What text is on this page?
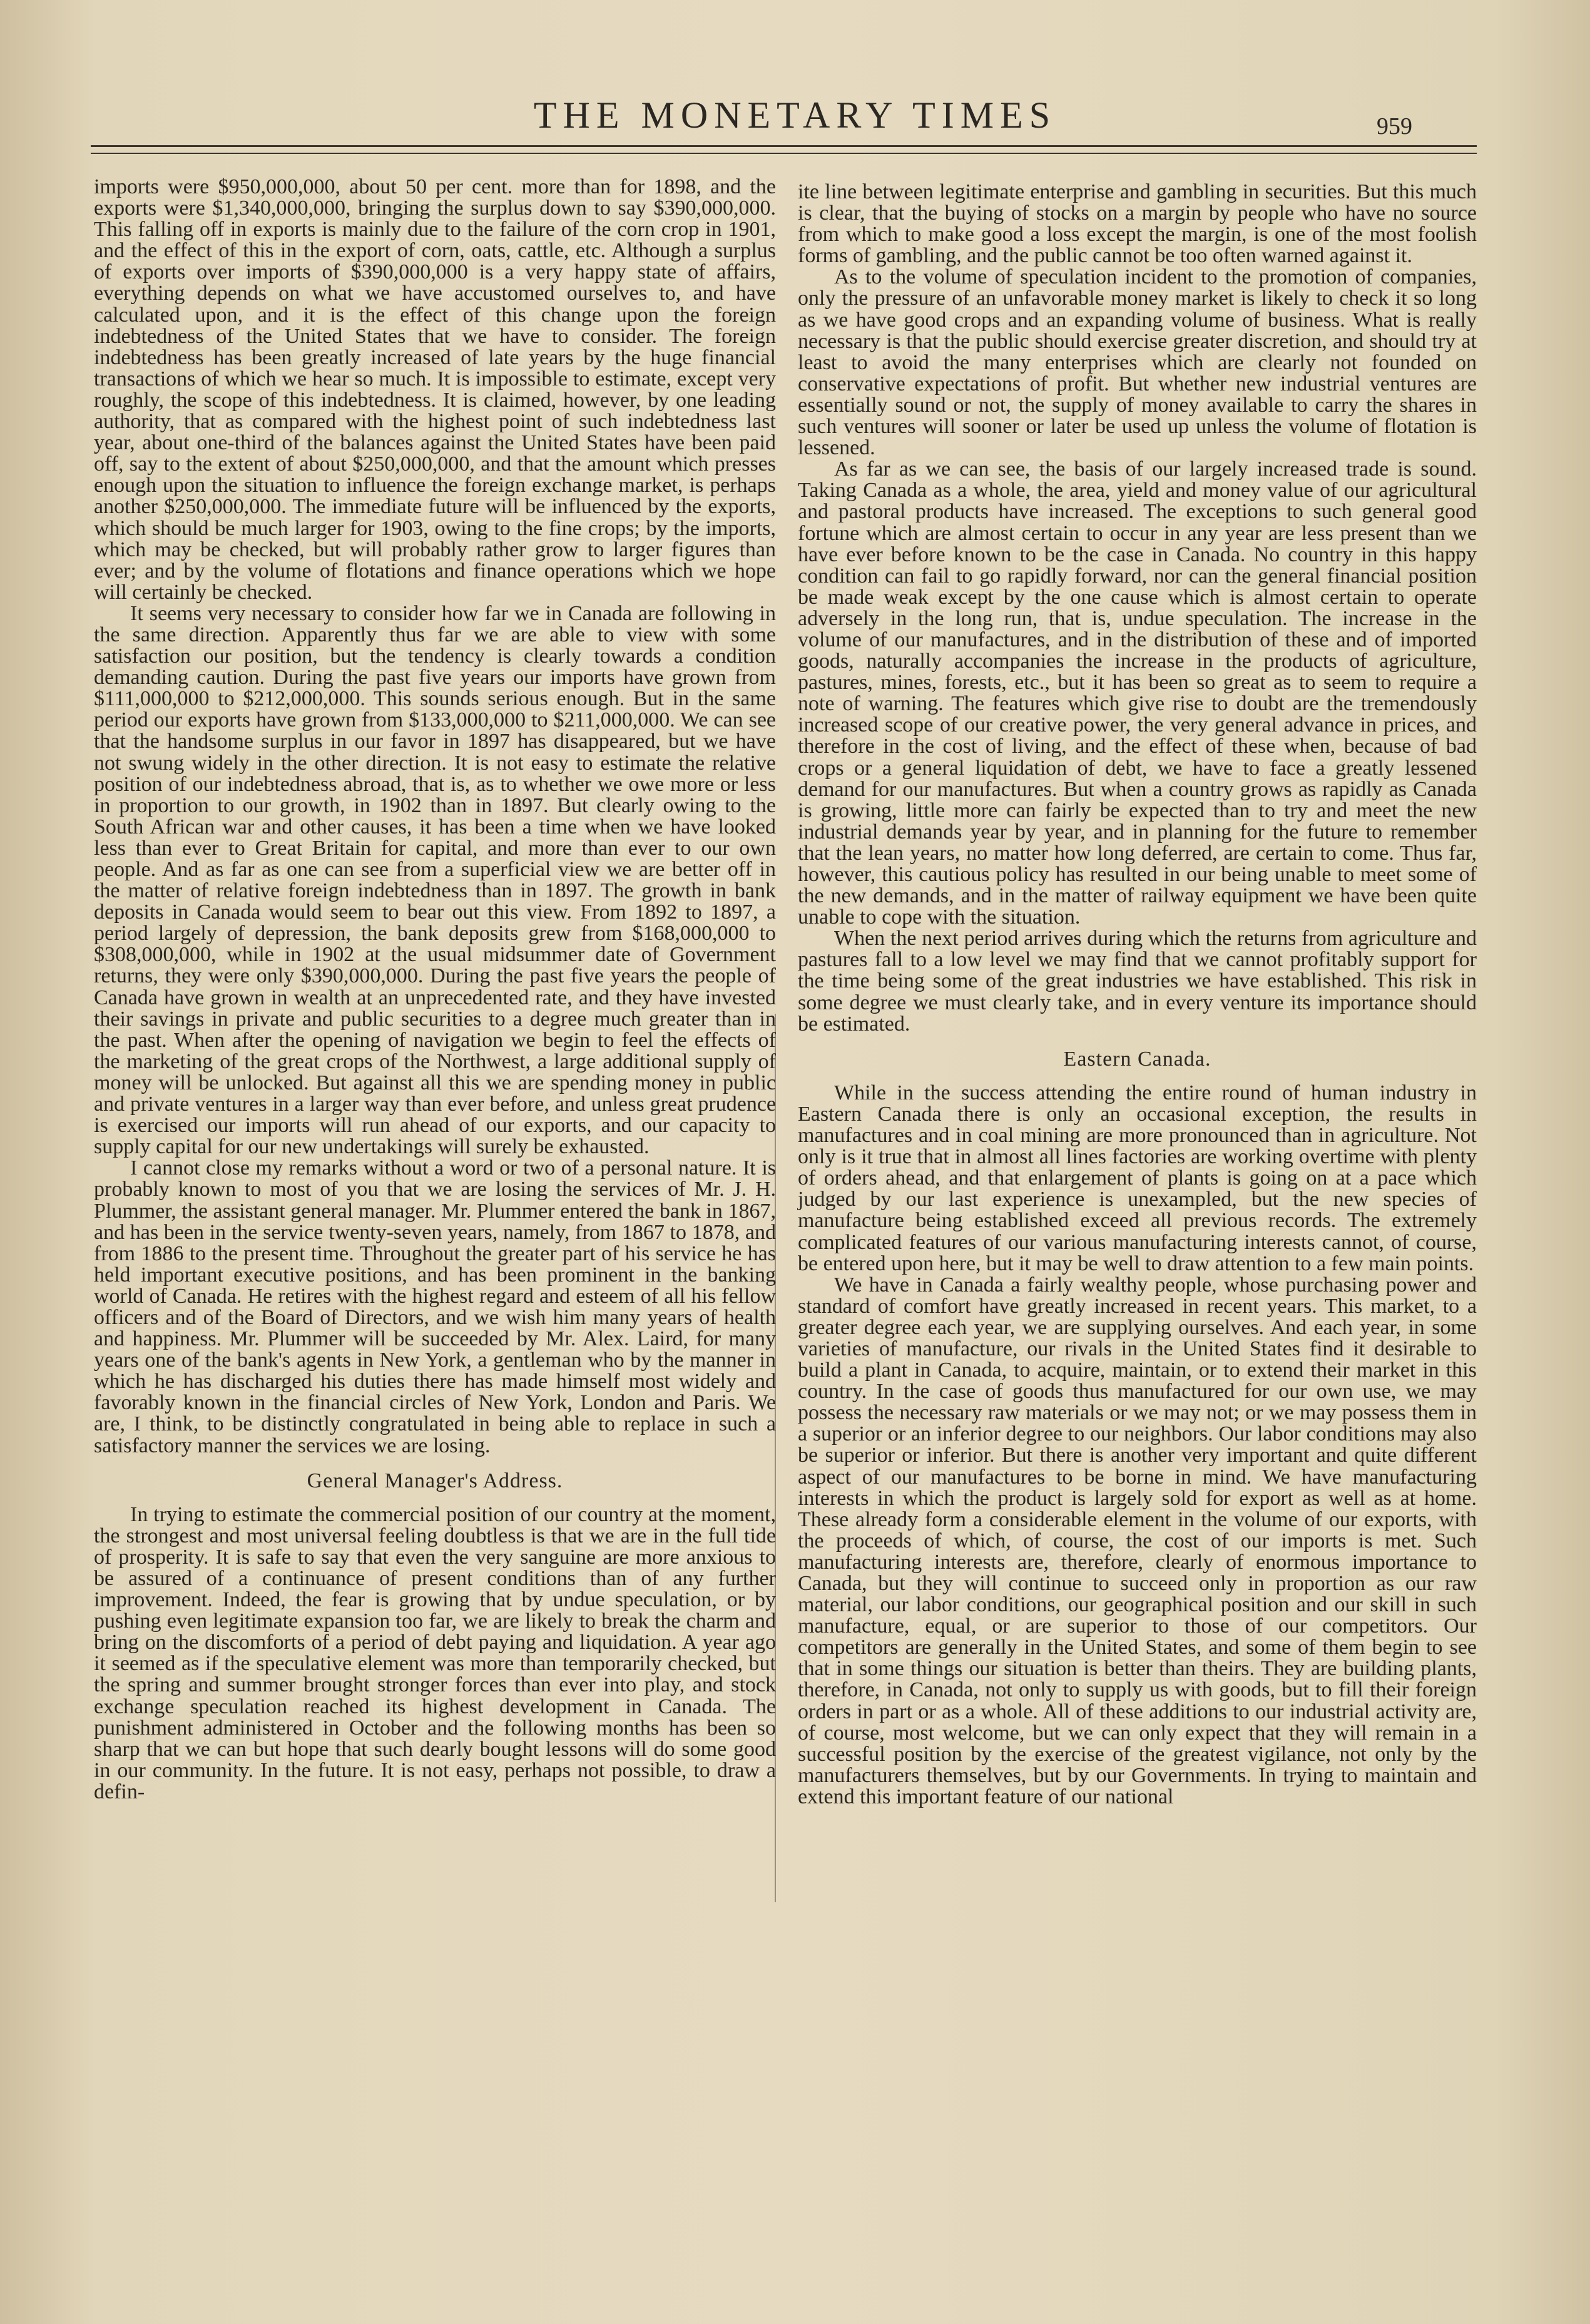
THE MONETARY TIMES	959

imports were $950,000,000, about 50 per cent. more than for 1898, and the exports were $1,340,000,000, bringing the surplus down to say $390,000,000. This falling off in exports is mainly due to the failure of the corn crop in 1901, and the effect of this in the export of corn, oats, cattle, etc. Although a surplus of exports over imports of $390,000,000 is a very happy state of affairs, everything depends on what we have accustomed ourselves to, and have calculated upon, and it is the effect of this change upon the foreign indebtedness of the United States that we have to consider. The foreign indebtedness has been greatly increased of late years by the huge financial transactions of which we hear so much. It is impossible to estimate, except very roughly, the scope of this indebtedness. It is claimed, however, by one leading authority, that as compared with the highest point of such indebtedness last year, about one-third of the balances against the United States have been paid off, say to the extent of about $250,000,000, and that the amount which presses enough upon the situation to influence the foreign exchange market, is perhaps another $250,000,000. The immediate future will be influenced by the exports, which should be much larger for 1903, owing to the fine crops; by the imports, which may be checked, but will probably rather grow to larger figures than ever; and by the volume of flotations and finance operations which we hope will certainly be checked.

It seems very necessary to consider how far we in Canada are following in the same direction. Apparently thus far we are able to view with some satisfaction our position, but the tendency is clearly towards a condition demanding caution. During the past five years our imports have grown from $111,000,000 to $212,000,000. This sounds serious enough. But in the same period our exports have grown from $133,000,000 to $211,000,000. We can see that the handsome surplus in our favor in 1897 has disappeared, but we have not swung widely in the other direction. It is not easy to estimate the relative position of our indebtedness abroad, that is, as to whether we owe more or less in proportion to our growth, in 1902 than in 1897. But clearly owing to the South African war and other causes, it has been a time when we have looked less than ever to Great Britain for capital, and more than ever to our own people. And as far as one can see from a superficial view we are better off in the matter of relative foreign indebtedness than in 1897. The growth in bank deposits in Canada would seem to bear out this view. From 1892 to 1897, a period largely of depression, the bank deposits grew from $168,000,000 to $308,000,000, while in 1902 at the usual midsummer date of Government returns, they were only $390,000,000. During the past five years the people of Canada have grown in wealth at an unprecedented rate, and they have invested their savings in private and public securities to a degree much greater than in the past. When after the opening of navigation we begin to feel the effects of the marketing of the great crops of the Northwest, a large additional supply of money will be unlocked. But against all this we are spending money in public and private ventures in a larger way than ever before, and unless great prudence is exercised our imports will run ahead of our exports, and our capacity to supply capital for our new undertakings will surely be exhausted.

I cannot close my remarks without a word or two of a personal nature. It is probably known to most of you that we are losing the services of Mr. J. H. Plummer, the assistant general manager. Mr. Plummer entered the bank in 1867, and has been in the service twenty-seven years, namely, from 1867 to 1878, and from 1886 to the present time. Throughout the greater part of his service he has held important executive positions, and has been prominent in the banking world of Canada. He retires with the highest regard and esteem of all his fellow officers and of the Board of Directors, and we wish him many years of health and happiness. Mr. Plummer will be succeeded by Mr. Alex. Laird, for many years one of the bank's agents in New York, a gentleman who by the manner in which he has discharged his duties there has made himself most widely and favorably known in the financial circles of New York, London and Paris. We are, I think, to be distinctly congratulated in being able to replace in such a satisfactory manner the services we are losing.

General Manager's Address.

In trying to estimate the commercial position of our country at the moment, the strongest and most universal feeling doubtless is that we are in the full tide of prosperity. It is safe to say that even the very sanguine are more anxious to be assured of a continuance of present conditions than of any further improvement. Indeed, the fear is growing that by undue speculation, or by pushing even legitimate expansion too far, we are likely to break the charm and bring on the discomforts of a period of debt paying and liquidation. A year ago it seemed as if the speculative element was more than temporarily checked, but the spring and summer brought stronger forces than ever into play, and stock exchange speculation reached its highest development in Canada. The punishment administered in October and the following months has been so sharp that we can but hope that such dearly bought lessons will do some good in our community. In the future. It is not easy, perhaps not possible, to draw a defin-

ite line between legitimate enterprise and gambling in securities. But this much is clear, that the buying of stocks on a margin by people who have no source from which to make good a loss except the margin, is one of the most foolish forms of gambling, and the public cannot be too often warned against it.

As to the volume of speculation incident to the promotion of companies, only the pressure of an unfavorable money market is likely to check it so long as we have good crops and an expanding volume of business. What is really necessary is that the public should exercise greater discretion, and should try at least to avoid the many enterprises which are clearly not founded on conservative expectations of profit. But whether new industrial ventures are essentially sound or not, the supply of money available to carry the shares in such ventures will sooner or later be used up unless the volume of flotation is lessened.

As far as we can see, the basis of our largely increased trade is sound. Taking Canada as a whole, the area, yield and money value of our agricultural and pastoral products have increased. The exceptions to such general good fortune which are almost certain to occur in any year are less present than we have ever before known to be the case in Canada. No country in this happy condition can fail to go rapidly forward, nor can the general financial position be made weak except by the one cause which is almost certain to operate adversely in the long run, that is, undue speculation. The increase in the volume of our manufactures, and in the distribution of these and of imported goods, naturally accompanies the increase in the products of agriculture, pastures, mines, forests, etc., but it has been so great as to seem to require a note of warning. The features which give rise to doubt are the tremendously increased scope of our creative power, the very general advance in prices, and therefore in the cost of living, and the effect of these when, because of bad crops or a general liquidation of debt, we have to face a greatly lessened demand for our manufactures. But when a country grows as rapidly as Canada is growing, little more can fairly be expected than to try and meet the new industrial demands year by year, and in planning for the future to remember that the lean years, no matter how long deferred, are certain to come. Thus far, however, this cautious policy has resulted in our being unable to meet some of the new demands, and in the matter of railway equipment we have been quite unable to cope with the situation.

When the next period arrives during which the returns from agriculture and pastures fall to a low level we may find that we cannot profitably support for the time being some of the great industries we have established. This risk in some degree we must clearly take, and in every venture its importance should be estimated.

Eastern Canada.

While in the success attending the entire round of human industry in Eastern Canada there is only an occasional exception, the results in manufactures and in coal mining are more pronounced than in agriculture. Not only is it true that in almost all lines factories are working overtime with plenty of orders ahead, and that enlargement of plants is going on at a pace which judged by our last experience is unexampled, but the new species of manufacture being established exceed all previous records. The extremely complicated features of our various manufacturing interests cannot, of course, be entered upon here, but it may be well to draw attention to a few main points.

We have in Canada a fairly wealthy people, whose purchasing power and standard of comfort have greatly increased in recent years. This market, to a greater degree each year, we are supplying ourselves. And each year, in some varieties of manufacture, our rivals in the United States find it desirable to build a plant in Canada, to acquire, maintain, or to extend their market in this country. In the case of goods thus manufactured for our own use, we may possess the necessary raw materials or we may not; or we may possess them in a superior or an inferior degree to our neighbors. Our labor conditions may also be superior or inferior. But there is another very important and quite different aspect of our manufactures to be borne in mind. We have manufacturing interests in which the product is largely sold for export as well as at home. These already form a considerable element in the volume of our exports, with the proceeds of which, of course, the cost of our imports is met. Such manufacturing interests are, therefore, clearly of enormous importance to Canada, but they will continue to succeed only in proportion as our raw material, our labor conditions, our geographical position and our skill in such manufacture, equal, or are superior to those of our competitors. Our competitors are generally in the United States, and some of them begin to see that in some things our situation is better than theirs. They are building plants, therefore, in Canada, not only to supply us with goods, but to fill their foreign orders in part or as a whole. All of these additions to our industrial activity are, of course, most welcome, but we can only expect that they will remain in a successful position by the exercise of the greatest vigilance, not only by the manufacturers themselves, but by our Governments. In trying to maintain and extend this important feature of our national
